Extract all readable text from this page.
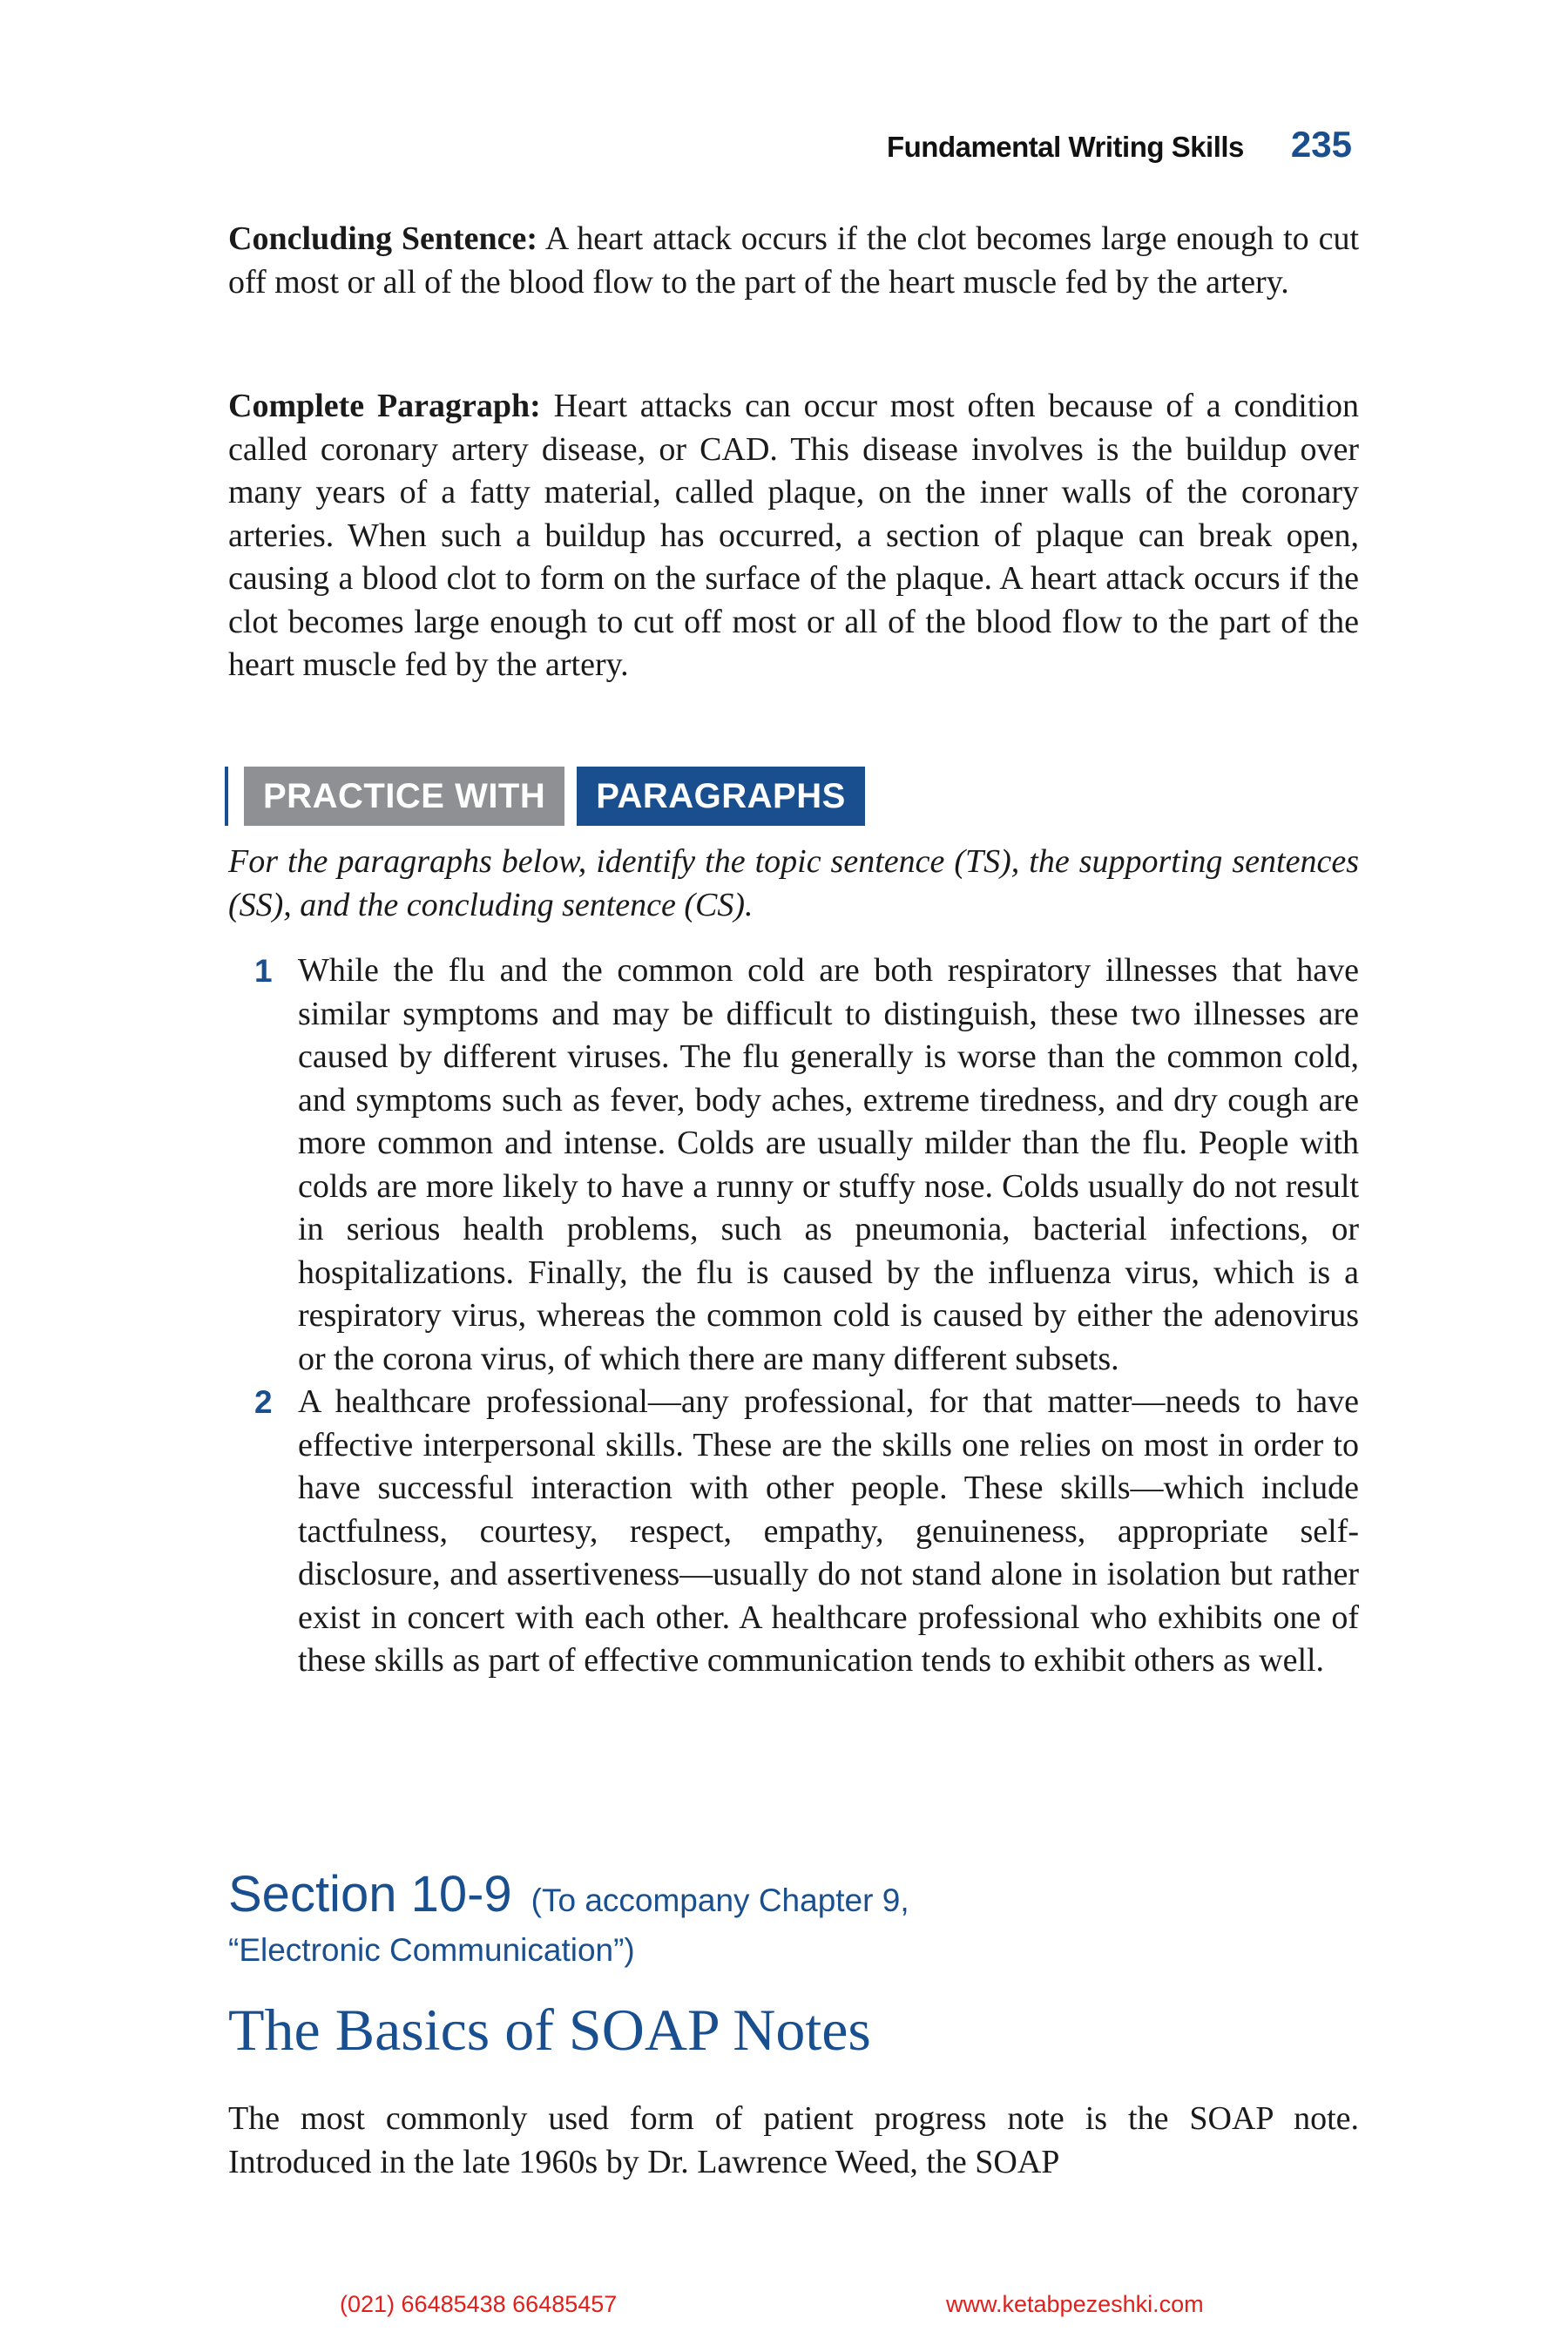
Fundamental Writing Skills 235

Concluding Sentence: A heart attack occurs if the clot becomes large enough to cut off most or all of the blood flow to the part of the heart muscle fed by the artery.

Complete Paragraph: Heart attacks can occur most often because of a condition called coronary artery disease, or CAD. This disease involves is the buildup over many years of a fatty material, called plaque, on the inner walls of the coronary arteries. When such a buildup has occurred, a section of plaque can break open, causing a blood clot to form on the surface of the plaque. A heart attack occurs if the clot becomes large enough to cut off most or all of the blood flow to the part of the heart muscle fed by the artery.

PRACTICE WITH	PARAGRAPHS

For the paragraphs below, identify the topic sentence (TS), the supporting sentences (SS), and the concluding sentence (CS).

1 While the flu and the common cold are both respiratory illnesses that have similar symptoms and may be difficult to distinguish, these two illnesses are caused by different viruses. The flu generally is worse than the common cold, and symptoms such as fever, body aches, extreme tiredness, and dry cough are more common and intense. Colds are usually milder than the flu. People with colds are more likely to have a runny or stuffy nose. Colds usually do not result in serious health problems, such as pneumonia, bacterial infections, or hospitalizations. Finally, the flu is caused by the influenza virus, which is a respiratory virus, whereas the common cold is caused by either the adenovirus or the corona virus, of which there are many different subsets.

2 A healthcare professional—any professional, for that matter—needs to have effective interpersonal skills. These are the skills one relies on most in order to have successful interaction with other people. These skills—which include tactfulness, courtesy, respect, empathy, genuineness, appropriate self-disclosure, and assertiveness—usually do not stand alone in isolation but rather exist in concert with each other. A healthcare professional who exhibits one of these skills as part of effective communication tends to exhibit others as well.

Section 10-9 (To accompany Chapter 9,
“Electronic Communication”)
The Basics of SOAP Notes

The most commonly used form of patient progress note is the SOAP note. Introduced in the late 1960s by Dr. Lawrence Weed, the SOAP

(021) 66485438 66485457	www.ketabpezeshki.com
